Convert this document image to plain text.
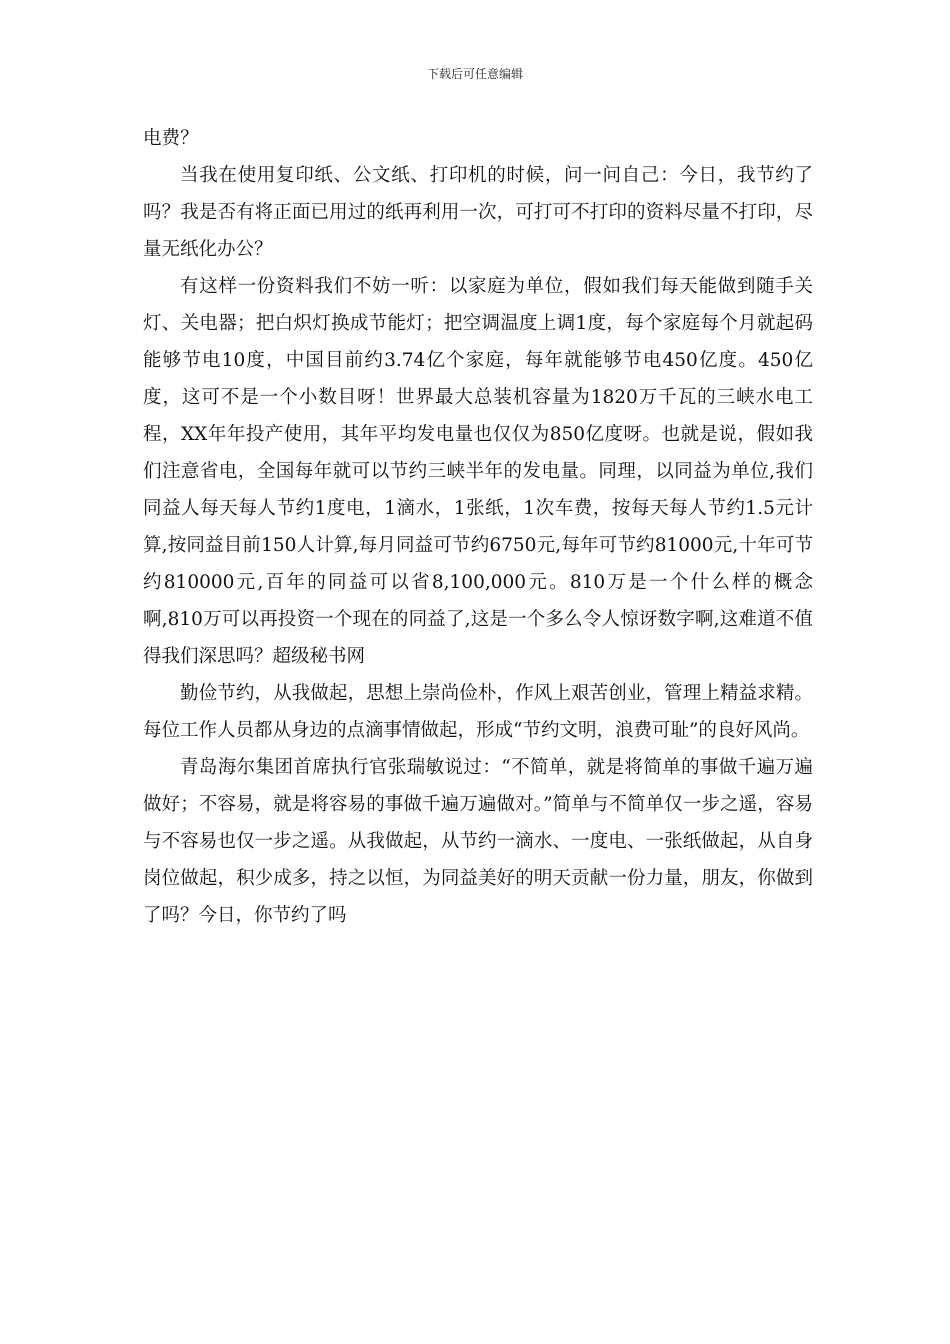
下载后可任意编辑

电费？

当我在使用复印纸、公文纸、打印机的时候，问一问自己：今日，我节约了吗？我是否有将正面已用过的纸再利用一次，可打可不打印的资料尽量不打印，尽量无纸化办公？

有这样一份资料我们不妨一听：以家庭为单位，假如我们每天能做到随手关灯、关电器；把白炽灯换成节能灯；把空调温度上调1度，每个家庭每个月就起码能够节电10度，中国目前约3.74亿个家庭，每年就能够节电450亿度。450亿度，这可不是一个小数目呀！世界最大总装机容量为1820万千瓦的三峡水电工程，XX年年投产使用，其年平均发电量也仅仅为850亿度呀。也就是说，假如我们注意省电，全国每年就可以节约三峡半年的发电量。同理，以同益为单位,我们同益人每天每人节约1度电，1滴水，1张纸，1次车费，按每天每人节约1.5元计算,按同益目前150人计算,每月同益可节约6750元,每年可节约81000元,十年可节约810000元,百年的同益可以省8,100,000元。810万是一个什么样的概念啊,810万可以再投资一个现在的同益了,这是一个多么令人惊讶数字啊,这难道不值得我们深思吗？超级秘书网

勤俭节约，从我做起，思想上崇尚俭朴，作风上艰苦创业，管理上精益求精。每位工作人员都从身边的点滴事情做起，形成“节约文明，浪费可耻”的良好风尚。

青岛海尔集团首席执行官张瑞敏说过：“不简单，就是将简单的事做千遍万遍做好；不容易，就是将容易的事做千遍万遍做对。”简单与不简单仅一步之遥，容易与不容易也仅一步之遥。从我做起，从节约一滴水、一度电、一张纸做起，从自身岗位做起，积少成多，持之以恒，为同益美好的明天贡献一份力量，朋友，你做到了吗？今日，你节约了吗
